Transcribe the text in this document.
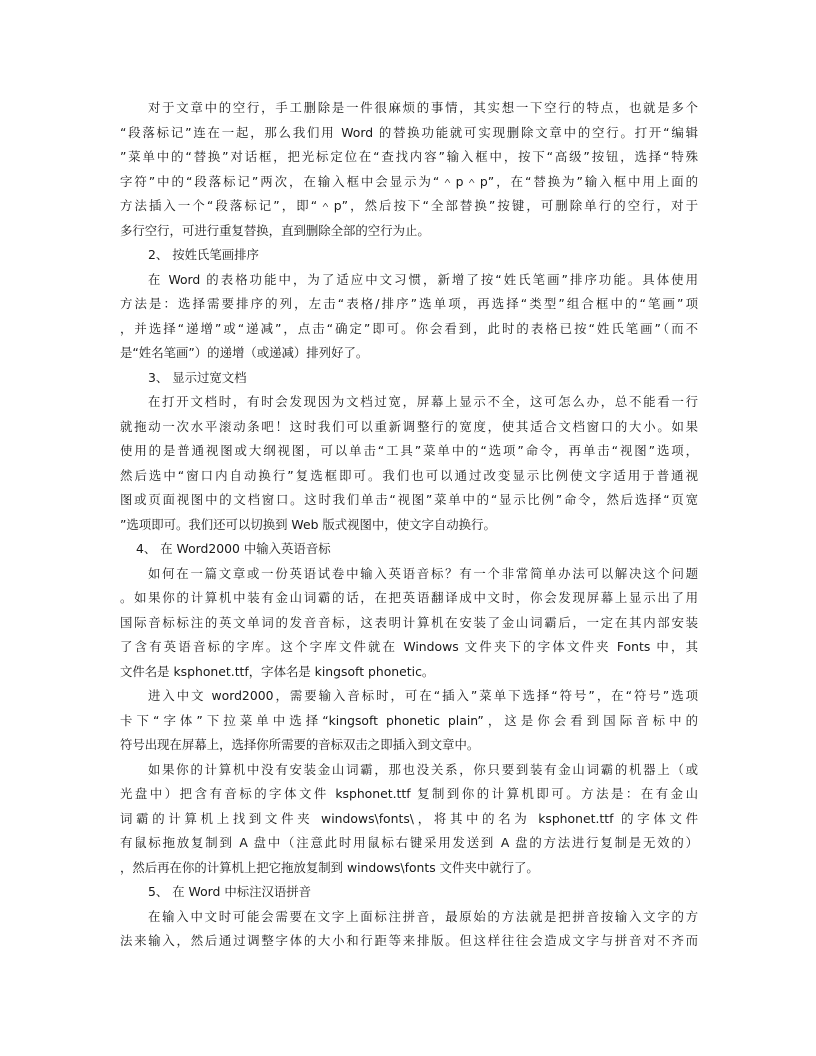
对于文章中的空行，手工删除是一件很麻烦的事情，其实想一下空行的特点，也就是多个
“段落标记”连在一起，那么我们用 Word 的替换功能就可实现删除文章中的空行。打开“编辑
”菜单中的“替换”对话框，把光标定位在“查找内容”输入框中，按下“高级”按钮，选择“特殊
字符”中的“段落标记”两次，在输入框中会显示为“＾p＾p”，在“替换为”输入框中用上面的
方法插入一个“段落标记”，即“＾p”，然后按下“全部替换”按键，可删除单行的空行，对于
多行空行，可进行重复替换，直到删除全部的空行为止。
2、 按姓氏笔画排序
在 Word 的表格功能中，为了适应中文习惯，新增了按“姓氏笔画”排序功能。具体使用
方法是：选择需要排序的列，左击“表格/排序”选单项，再选择“类型”组合框中的“笔画”项
，并选择“递增”或“递减”，点击“确定”即可。你会看到，此时的表格已按“姓氏笔画”（而不
是“姓名笔画”）的递增（或递减）排列好了。
3、 显示过宽文档
在打开文档时，有时会发现因为文档过宽，屏幕上显示不全，这可怎么办，总不能看一行
就拖动一次水平滚动条吧！这时我们可以重新调整行的宽度，使其适合文档窗口的大小。如果
使用的是普通视图或大纲视图，可以单击“工具”菜单中的“选项”命令，再单击“视图”选项，
然后选中“窗口内自动换行”复选框即可。我们也可以通过改变显示比例使文字适用于普通视
图或页面视图中的文档窗口。这时我们单击“视图”菜单中的“显示比例”命令，然后选择“页宽
”选项即可。我们还可以切换到 Web 版式视图中，使文字自动换行。
4、 在 Word2000 中输入英语音标
如何在一篇文章或一份英语试卷中输入英语音标？有一个非常简单办法可以解决这个问题
。如果你的计算机中装有金山词霸的话，在把英语翻译成中文时，你会发现屏幕上显示出了用
国际音标标注的英文单词的发音音标，这表明计算机在安装了金山词霸后，一定在其内部安装
了含有英语音标的字库。这个字库文件就在 Windows 文件夹下的字体文件夹 Fonts 中，其
文件名是 ksphonet.ttf，字体名是 kingsoft phonetic。
进入中文 word2000，需要输入音标时，可在“插入”菜单下选择“符号”，在“符号”选项
卡下“字体”下拉菜单中选择“kingsoft phonetic plain”，这是你会看到国际音标中的
符号出现在屏幕上，选择你所需要的音标双击之即插入到文章中。
如果你的计算机中没有安装金山词霸，那也没关系，你只要到装有金山词霸的机器上（或
光盘中）把含有音标的字体文件 ksphonet.ttf 复制到你的计算机即可。方法是：在有金山
词霸的计算机上找到文件夹 windows\fonts\，将其中的名为 ksphonet.ttf 的字体文件
有鼠标拖放复制到 A 盘中（注意此时用鼠标右键采用发送到 A 盘的方法进行复制是无效的）
，然后再在你的计算机上把它拖放复制到 windows\fonts 文件夹中就行了。
5、 在 Word 中标注汉语拼音
在输入中文时可能会需要在文字上面标注拼音，最原始的方法就是把拼音按输入文字的方
法来输入，然后通过调整字体的大小和行距等来排版。但这样往往会造成文字与拼音对不齐而
